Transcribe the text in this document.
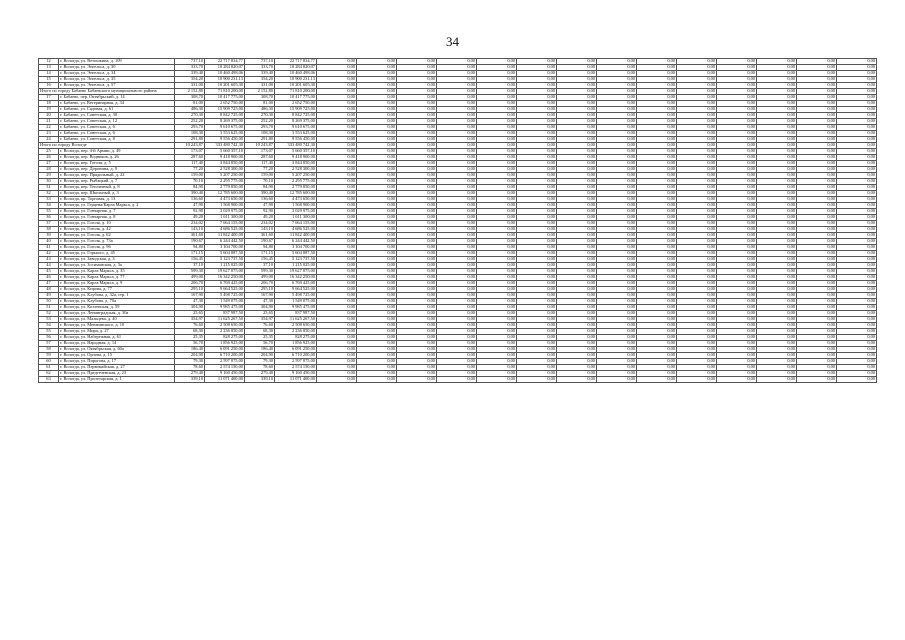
34
12	г. Вологда, ул. Ветошкина, д. 109	737,10	22 717 834,77	737,10	22 717 834,77	0,00	0,00	0,00	0,00	0,00	0,00	0,00	0,00	0,00	0,00	0,00	0,00	0,00	0,00
13	г. Вологда, ул. Энгельса, д. 30	333,70	10 284 820,07	333,70	10 284 820,07	0,00	0,00	0,00	0,00	0,00	0,00	0,00	0,00	0,00	0,00	0,00	0,00	0,00	0,00
14	г. Вологда, ул. Энгельса, д. 34	339,40	10 460 498,06	339,40	10 460 498,06	0,00	0,00	0,00	0,00	0,00	0,00	0,00	0,00	0,00	0,00	0,00	0,00	0,00	0,00
15	г. Вологда, ул. Энгельса, д. 35	354,20	10 900 231,13	354,20	10 900 231,13	0,00	0,00	0,00	0,00	0,00	0,00	0,00	0,00	0,00	0,00	0,00	0,00	0,00	0,00
16	г. Вологда, ул. Энгельса, д. 57	331,00	10 201 605,30	331,00	10 201 605,30	0,00	0,00	0,00	0,00	0,00	0,00	0,00	0,00	0,00	0,00	0,00	0,00	0,00	0,00
Итого по городу Бабаево Бабаевского муниципального района		2 152,80	71 810 200,00	2 152,80	71 810 200,00	0,00	0,00	0,00	0,00	0,00	0,00	0,00	0,00	0,00	0,00	0,00	0,00	0,00	0,00
17	г. Бабаево, пер. Октябрьский, д. 14	308,70	10 417 775,00	308,70	10 417 775,00	0,00	0,00	0,00	0,00	0,00	0,00	0,00	0,00	0,00	0,00	0,00	0,00	0,00	0,00
18	г. Бабаево, ул. Ветеринарная, д. 34	81,00	2 652 750,00	81,00	2 652 750,00	0,00	0,00	0,00	0,00	0,00	0,00	0,00	0,00	0,00	0,00	0,00	0,00	0,00	0,00
19	г. Бабаево, ул. Садовая, д. 61	486,30	15 909 725,00	486,30	15 909 725,00	0,00	0,00	0,00	0,00	0,00	0,00	0,00	0,00	0,00	0,00	0,00	0,00	0,00	0,00
20	г. Бабаево, ул. Советская, д. 30	270,30	8 842 725,00	270,30	8 842 725,00	0,00	0,00	0,00	0,00	0,00	0,00	0,00	0,00	0,00	0,00	0,00	0,00	0,00	0,00
21	г. Бабаево, ул. Советская, д. 12	252,20	8 269 375,00	252,20	8 269 375,00	0,00	0,00	0,00	0,00	0,00	0,00	0,00	0,00	0,00	0,00	0,00	0,00	0,00	0,00
22	г. Бабаево, ул. Советская, д. 6	293,70	9 610 675,00	293,70	9 610 675,00	0,00	0,00	0,00	0,00	0,00	0,00	0,00	0,00	0,00	0,00	0,00	0,00	0,00	0,00
23	г. Бабаево, ул. Советская, д. 6	108,30	3 553 625,00	108,30	3 553 625,00	0,00	0,00	0,00	0,00	0,00	0,00	0,00	0,00	0,00	0,00	0,00	0,00	0,00	0,00
24	г. Бабаево, ул. Советская, д. 8	291,80	9 556 450,00	291,80	9 556 450,00	0,00	0,00	0,00	0,00	0,00	0,00	0,00	0,00	0,00	0,00	0,00	0,00	0,00	0,00
Итого по городу Вологде		10 243,87	333 480 742,30	10 243,87	333 480 742,30	0,00	0,00	0,00	0,00	0,00	0,00	0,00	0,00	0,00	0,00	0,00	0,00	0,00	0,00
25	г. Вологда, пер. 4-й Армии, д. 49	173,07	5 660 357,10	173,07	5 660 357,10	0,00	0,00	0,00	0,00	0,00	0,00	0,00	0,00	0,00	0,00	0,00	0,00	0,00	0,00
26	г. Вологда, пер. Водников, д. 26	287,60	9 418 900,00	287,60	9 418 900,00	0,00	0,00	0,00	0,00	0,00	0,00	0,00	0,00	0,00	0,00	0,00	0,00	0,00	0,00
27	г. Вологда, пер. Гоголя, д. 5	117,40	3 844 850,00	117,40	3 844 850,00	0,00	0,00	0,00	0,00	0,00	0,00	0,00	0,00	0,00	0,00	0,00	0,00	0,00	0,00
28	г. Вологда, пер. Доронина, д. 9	77,20	2 528 300,00	77,20	2 528 300,00	0,00	0,00	0,00	0,00	0,00	0,00	0,00	0,00	0,00	0,00	0,00	0,00	0,00	0,00
29	г. Вологда, пер. Прядильный, д. 22	159,00	5 207 250,00	159,00	5 207 250,00	0,00	0,00	0,00	0,00	0,00	0,00	0,00	0,00	0,00	0,00	0,00	0,00	0,00	0,00
30	г. Вологда, пер. Рыбацкий, д. 7	70,10	2 295 775,00	70,10	2 295 775,00	0,00	0,00	0,00	0,00	0,00	0,00	0,00	0,00	0,00	0,00	0,00	0,00	0,00	0,00
31	г. Вологда, пер. Тепличный, д. 8	84,90	2 779 850,00	84,90	2 779 850,00	0,00	0,00	0,00	0,00	0,00	0,00	0,00	0,00	0,00	0,00	0,00	0,00	0,00	0,00
32	г. Вологда, пер. Школьный, д. 3	390,40	12 785 600,00	390,40	12 785 600,00	0,00	0,00	0,00	0,00	0,00	0,00	0,00	0,00	0,00	0,00	0,00	0,00	0,00	0,00
33	г. Вологда, пр. Торговая, д. 13	136,60	4 473 650,00	136,60	4 473 650,00	0,00	0,00	0,00	0,00	0,00	0,00	0,00	0,00	0,00	0,00	0,00	0,00	0,00	0,00
34	г. Вологда, ул. Герцена/Карла Маркса, д. 2	47,90	1 568 900,00	47,90	1 568 900,00	0,00	0,00	0,00	0,00	0,00	0,00	0,00	0,00	0,00	0,00	0,00	0,00	0,00	0,00
35	г. Вологда, ул. Гончарная, д. 7	92,90	3 029 975,00	92,90	3 029 975,00	0,00	0,00	0,00	0,00	0,00	0,00	0,00	0,00	0,00	0,00	0,00	0,00	0,00	0,00
36	г. Вологда, ул. Гончарная, д. 8	49,20	1 611 300,00	49,20	1 611 300,00	0,00	0,00	0,00	0,00	0,00	0,00	0,00	0,00	0,00	0,00	0,00	0,00	0,00	0,00
37	г. Вологда, ул. Гоголя, д. 10	234,02	7 664 155,00	234,02	7 664 155,00	0,00	0,00	0,00	0,00	0,00	0,00	0,00	0,00	0,00	0,00	0,00	0,00	0,00	0,00
38	г. Вологда, ул. Гоголя, д. 42	143,10	4 686 525,00	143,10	4 686 525,00	0,00	0,00	0,00	0,00	0,00	0,00	0,00	0,00	0,00	0,00	0,00	0,00	0,00	0,00
39	г. Вологда, ул. Гоголя, д. 62	361,60	11 842 400,00	361,60	11 842 400,00	0,00	0,00	0,00	0,00	0,00	0,00	0,00	0,00	0,00	0,00	0,00	0,00	0,00	0,00
40	г. Вологда, ул. Гоголя, д. 73а	190,67	6 244 442,50	190,67	6 244 442,50	0,00	0,00	0,00	0,00	0,00	0,00	0,00	0,00	0,00	0,00	0,00	0,00	0,00	0,00
41	г. Вологда, ул. Гоголя, д. 96	94,80	3 104 700,00	94,80	3 104 700,00	0,00	0,00	0,00	0,00	0,00	0,00	0,00	0,00	0,00	0,00	0,00	0,00	0,00	0,00
42	г. Вологда, ул. Горького, д. 45	171,15	5 604 887,50	171,15	5 604 887,50	0,00	0,00	0,00	0,00	0,00	0,00	0,00	0,00	0,00	0,00	0,00	0,00	0,00	0,00
43	г. Вологда, ул. Заводская, д. 3	156,45	5 123 737,50	156,45	5 123 737,50	0,00	0,00	0,00	0,00	0,00	0,00	0,00	0,00	0,00	0,00	0,00	0,00	0,00	0,00
44	г. Вологда, ул. Зосимовская, д. 3а	37,10	1 215 025,00	37,10	1 215 025,00	0,00	0,00	0,00	0,00	0,00	0,00	0,00	0,00	0,00	0,00	0,00	0,00	0,00	0,00
45	г. Вологда, ул. Карла Маркса, д. 35	599,30	19 627 075,00	599,30	19 627 075,00	0,00	0,00	0,00	0,00	0,00	0,00	0,00	0,00	0,00	0,00	0,00	0,00	0,00	0,00
46	г. Вологда, ул. Карла Маркса, д. 77	499,00	16 342 250,00	499,00	16 342 250,00	0,00	0,00	0,00	0,00	0,00	0,00	0,00	0,00	0,00	0,00	0,00	0,00	0,00	0,00
47	г. Вологда, ул. Карла Маркса, д. 9	206,70	6 769 425,00	206,70	6 769 425,00	0,00	0,00	0,00	0,00	0,00	0,00	0,00	0,00	0,00	0,00	0,00	0,00	0,00	0,00
48	г. Вологда, ул. Кирова, д. 77	295,10	9 664 525,00	295,10	9 664 525,00	0,00	0,00	0,00	0,00	0,00	0,00	0,00	0,00	0,00	0,00	0,00	0,00	0,00	0,00
49	г. Вологда, ул. Клубова, д. 32а, стр. 1	167,90	5 498 725,00	167,90	5 498 725,00	0,00	0,00	0,00	0,00	0,00	0,00	0,00	0,00	0,00	0,00	0,00	0,00	0,00	0,00
50	г. Вологда, ул. Клубова, д. 70а	47,30	1 549 075,00	47,30	1 549 075,00	0,00	0,00	0,00	0,00	0,00	0,00	0,00	0,00	0,00	0,00	0,00	0,00	0,00	0,00
51	г. Вологда, ул. Козленская, д. 59	304,90	9 985 475,00	304,90	9 985 475,00	0,00	0,00	0,00	0,00	0,00	0,00	0,00	0,00	0,00	0,00	0,00	0,00	0,00	0,00
52	г. Вологда, ул. Ленинградская, д. 30а	25,65	837 987,50	25,65	837 987,50	0,00	0,00	0,00	0,00	0,00	0,00	0,00	0,00	0,00	0,00	0,00	0,00	0,00	0,00
53	г. Вологда, ул. Мальцева, д. 40	354,97	11 625 267,50	354,97	11 625 267,50	0,00	0,00	0,00	0,00	0,00	0,00	0,00	0,00	0,00	0,00	0,00	0,00	0,00	0,00
54	г. Вологда, ул. Менжинского, д. 10	76,60	2 508 650,00	76,60	2 508 650,00	0,00	0,00	0,00	0,00	0,00	0,00	0,00	0,00	0,00	0,00	0,00	0,00	0,00	0,00
55	г. Вологда, ул. Мира, д. 27	68,30	2 236 850,00	68,30	2 236 850,00	0,00	0,00	0,00	0,00	0,00	0,00	0,00	0,00	0,00	0,00	0,00	0,00	0,00	0,00
56	г. Вологда, ул. Набережная, д. 61	25,35	828 275,00	25,35	828 275,00	0,00	0,00	0,00	0,00	0,00	0,00	0,00	0,00	0,00	0,00	0,00	0,00	0,00	0,00
57	г. Вологда, ул. Народная, д. 14	56,70	1 856 925,00	56,70	1 856 925,00	0,00	0,00	0,00	0,00	0,00	0,00	0,00	0,00	0,00	0,00	0,00	0,00	0,00	0,00
58	г. Вологда, ул. Октябрьская, д. 60а	186,40	6 091 250,00	186,40	6 091 250,00	0,00	0,00	0,00	0,00	0,00	0,00	0,00	0,00	0,00	0,00	0,00	0,00	0,00	0,00
59	г. Вологда, ул. Орлова, д. 15	204,90	6 710 200,00	204,90	6 710 200,00	0,00	0,00	0,00	0,00	0,00	0,00	0,00	0,00	0,00	0,00	0,00	0,00	0,00	0,00
60	г. Вологда, ул. Пирогова, д. 17	79,30	2 597 075,00	79,30	2 597 075,00	0,00	0,00	0,00	0,00	0,00	0,00	0,00	0,00	0,00	0,00	0,00	0,00	0,00	0,00
61	г. Вологда, ул. Первомайская, д. 27	78,60	2 574 150,00	78,60	2 574 150,00	0,00	0,00	0,00	0,00	0,00	0,00	0,00	0,00	0,00	0,00	0,00	0,00	0,00	0,00
62	г. Вологда, ул. Предтеченская, д. 23	279,40	9 160 450,00	279,40	9 160 450,00	0,00	0,00	0,00	0,00	0,00	0,00	0,00	0,00	0,00	0,00	0,00	0,00	0,00	0,00
63	г. Вологда, ул. Пролетарская, д. 1	339,10	11 071 400,00	339,10	11 071 400,00	0,00	0,00	0,00	0,00	0,00	0,00	0,00	0,00	0,00	0,00	0,00	0,00	0,00	0,00
